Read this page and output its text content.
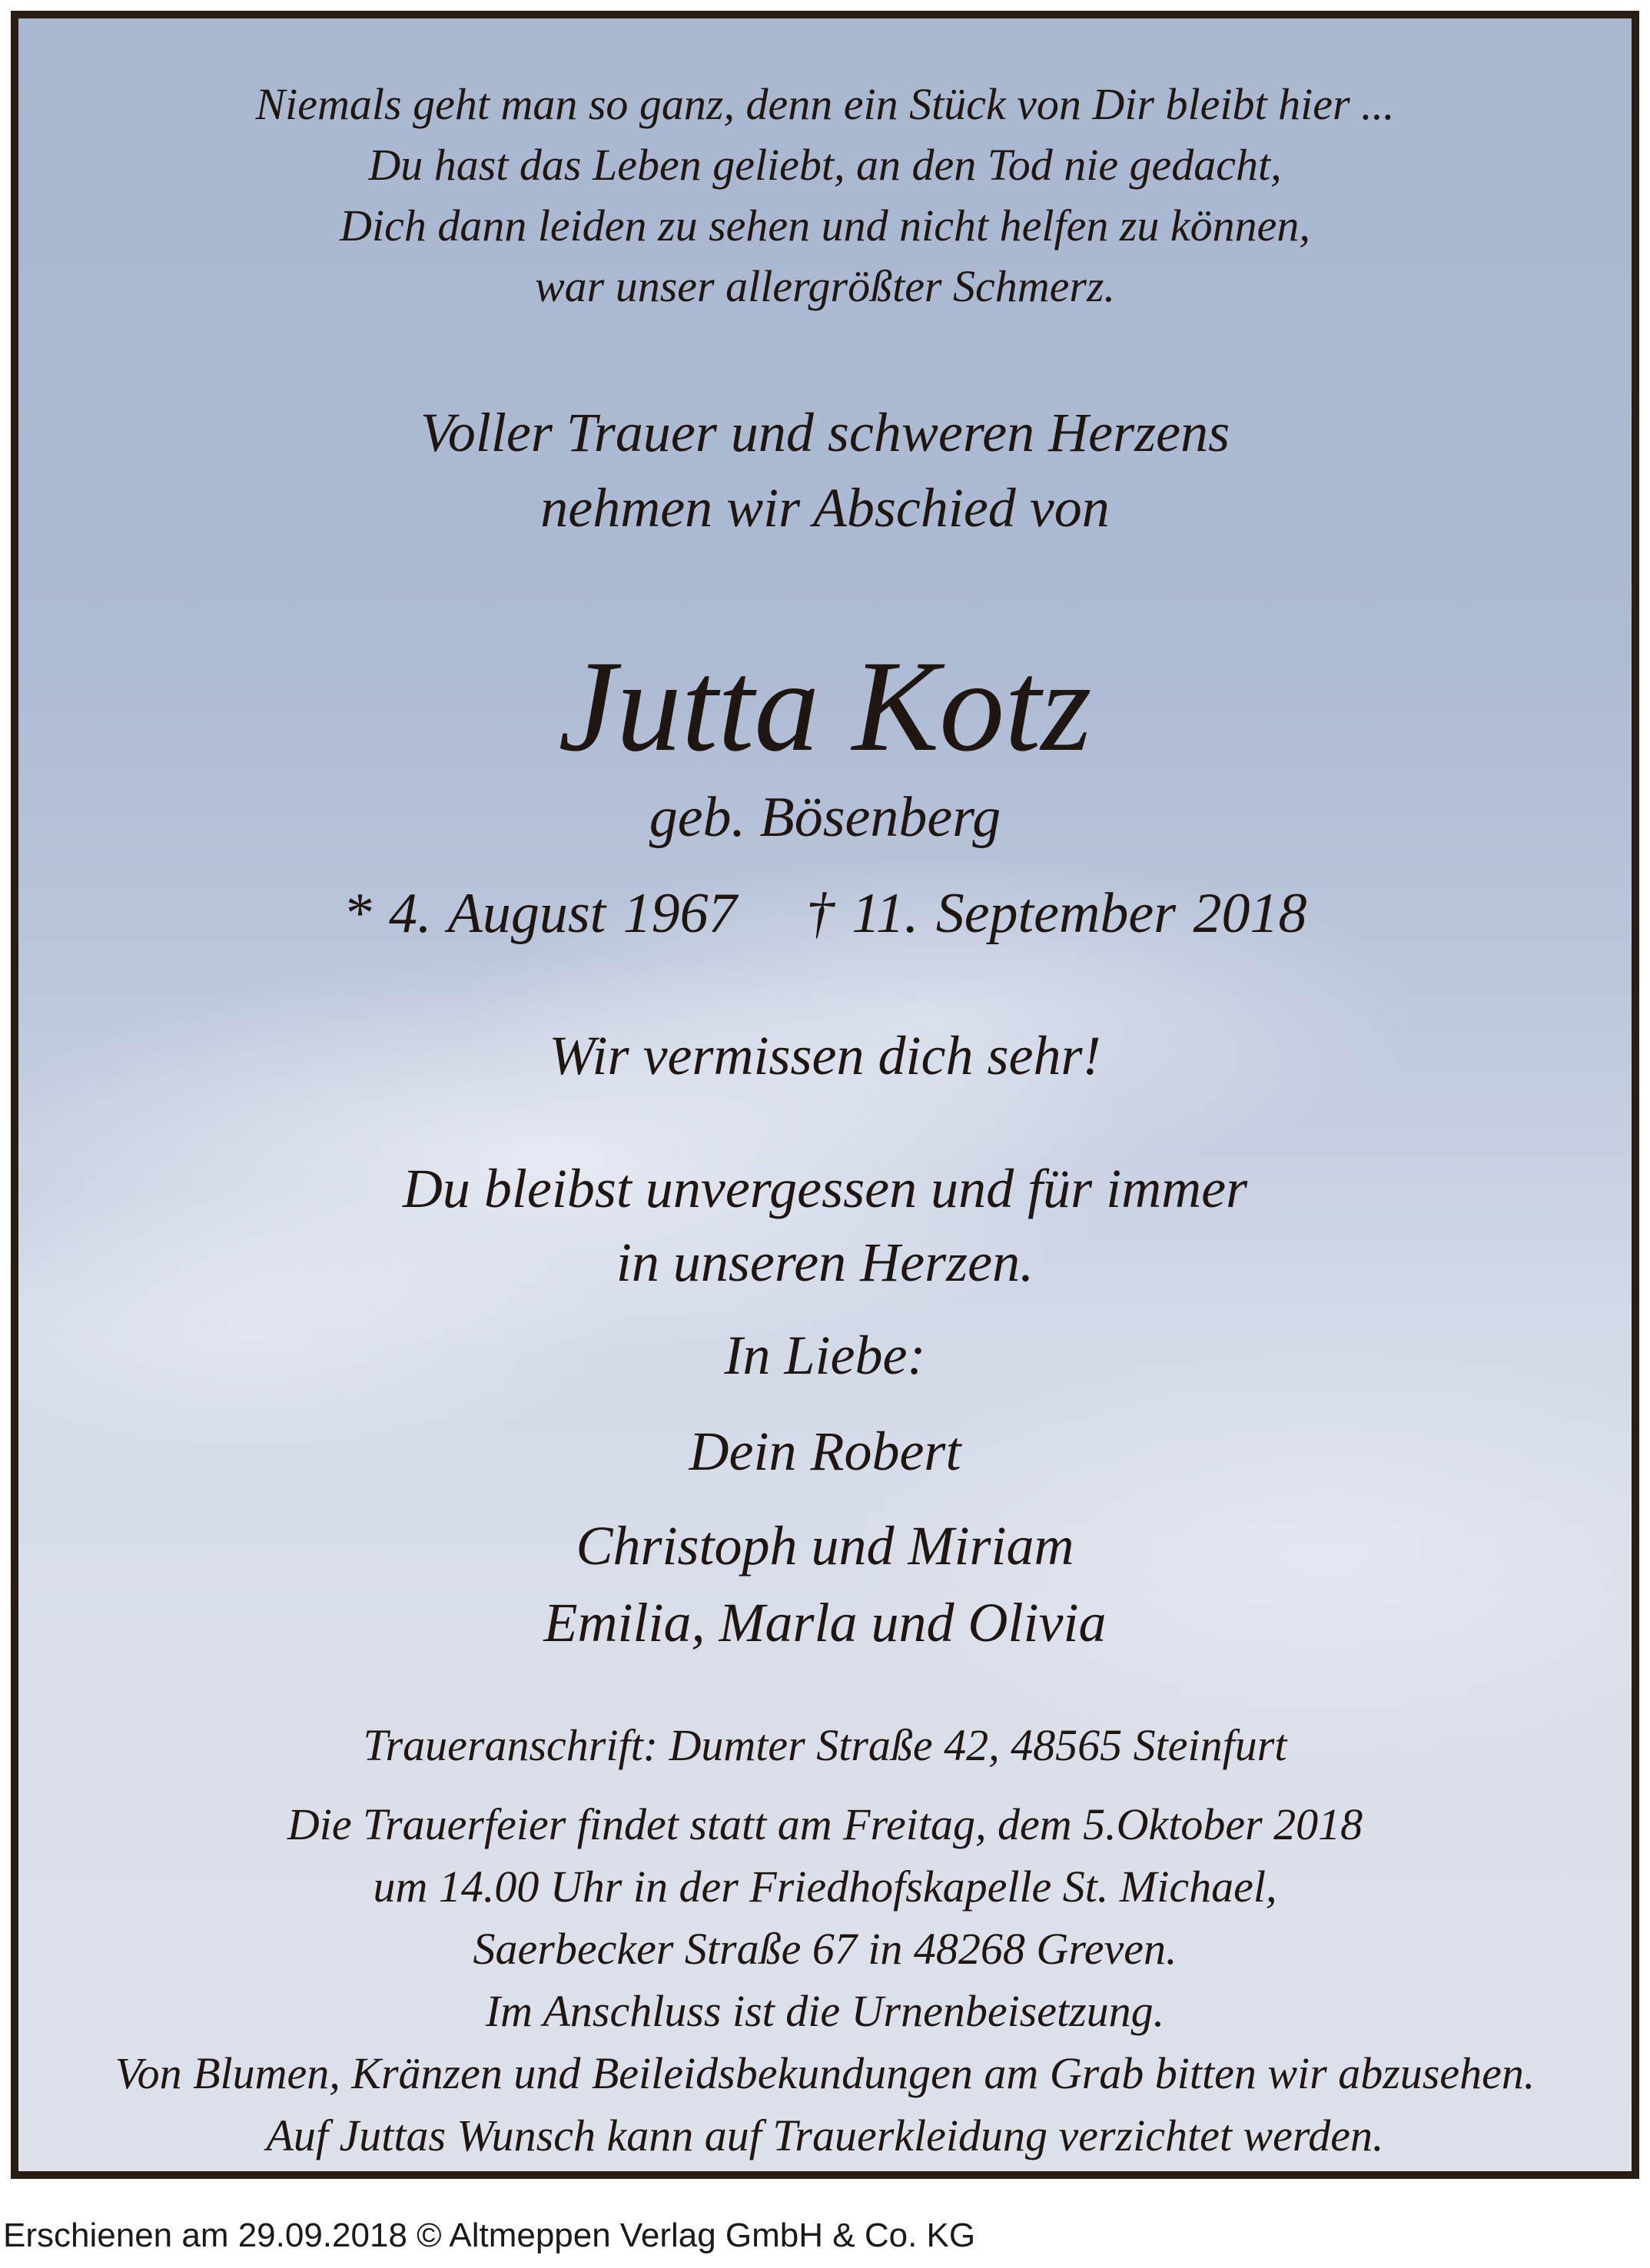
Niemals geht man so ganz, denn ein Stück von Dir bleibt hier ...
Du hast das Leben geliebt, an den Tod nie gedacht,
Dich dann leiden zu sehen und nicht helfen zu können,
war unser allergrößter Schmerz.
Voller Trauer und schweren Herzens
nehmen wir Abschied von
Jutta Kotz
geb. Bösenberg
* 4. August 1967 † 11. September 2018
Wir vermissen dich sehr!
Du bleibst unvergessen und für immer
in unseren Herzen.
In Liebe:
Dein Robert
Christoph und Miriam
Emilia, Marla und Olivia
Traueranschrift: Dumter Straße 42, 48565 Steinfurt
Die Trauerfeier findet statt am Freitag, dem 5.Oktober 2018
um 14.00 Uhr in der Friedhofskapelle St. Michael,
Saerbecker Straße 67 in 48268 Greven.
Im Anschluss ist die Urnenbeisetzung.
Von Blumen, Kränzen und Beileidsbekundungen am Grab bitten wir abzusehen.
Auf Juttas Wunsch kann auf Trauerkleidung verzichtet werden.
Erschienen am 29.09.2018 © Altmeppen Verlag GmbH & Co. KG
